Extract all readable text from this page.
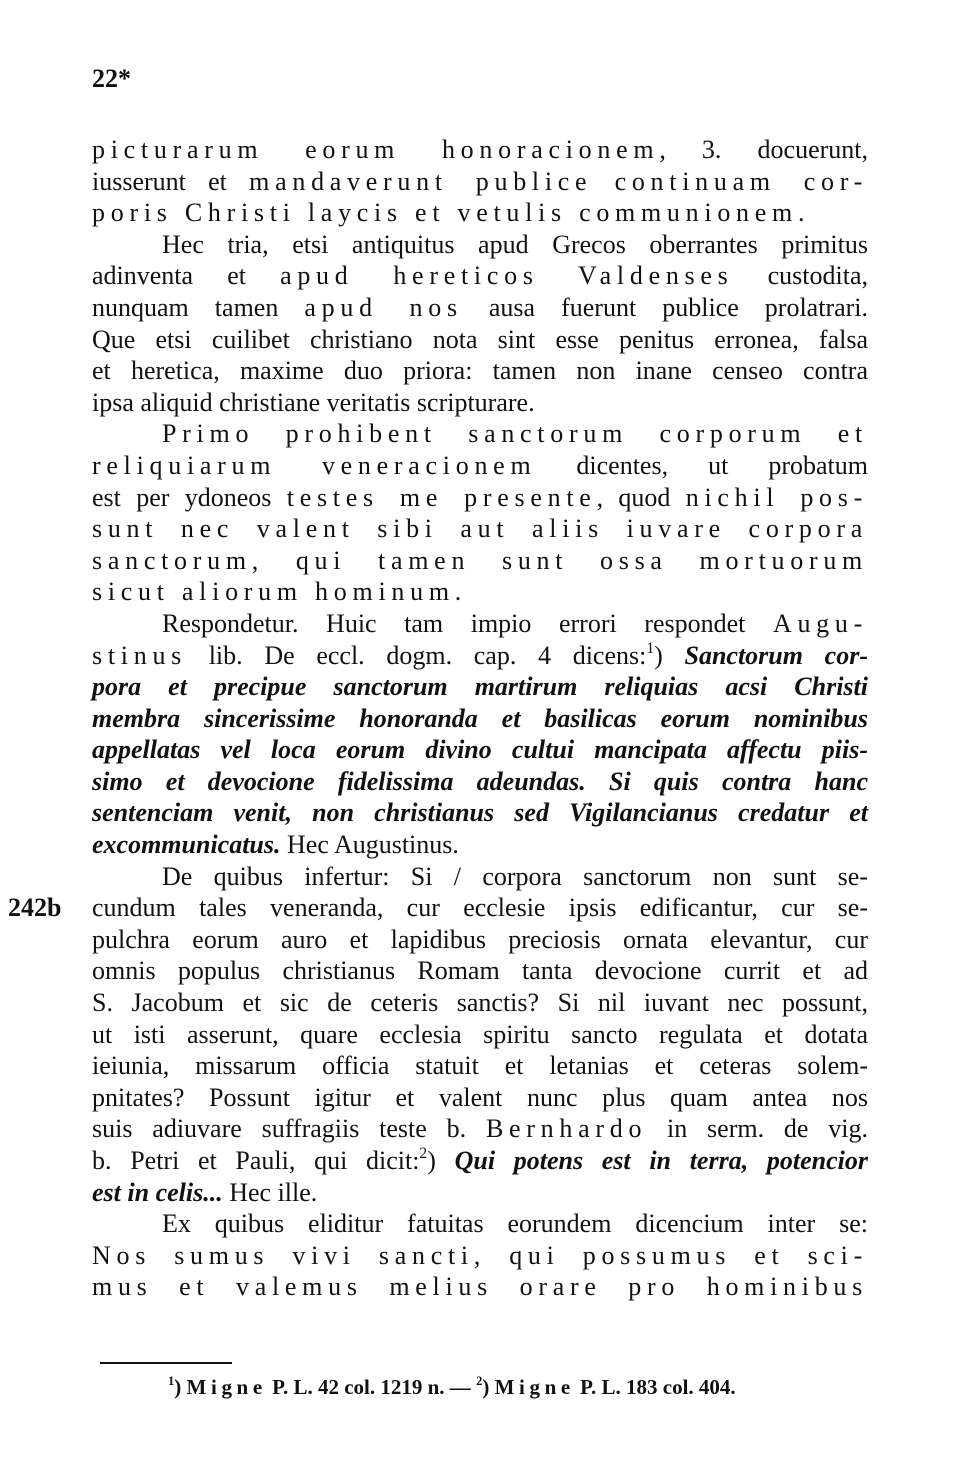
22*
242b
picturarum eorum honoracionem, 3. docuerunt,
iusserunt et mandaverunt publice continuam cor-
poris Christi laycis et vetulis communionem.
Hec tria, etsi antiquitus apud Grecos oberrantes primitus
adinventa et apud hereticos Valdenses custodita,
nunquam tamen apud nos ausa fuerunt publice prolatrari.
Que etsi cuilibet christiano nota sint esse penitus erronea, falsa
et heretica, maxime duo priora: tamen non inane censeo contra
ipsa aliquid christiane veritatis scripturare.
Primo prohibent sanctorum corporum et
reliquiarum veneracionem dicentes, ut probatum
est per ydoneos testes me presente, quod nichil pos-
sunt nec valent sibi aut aliis iuvare corpora
sanctorum, qui tamen sunt ossa mortuorum
sicut aliorum hominum.
Respondetur. Huic tam impio errori respondet Augu-
stinus lib. De eccl. dogm. cap. 4 dicens:$^1$) Sanctorum cor-
pora et precipue sanctorum martirum reliquias acsi Christi
membra sincerissime honoranda et basilicas eorum nominibus
appellatas vel loca eorum divino cultui mancipata affectu piis-
simo et devocione fidelissima adeundas. Si quis contra hanc
sentenciam venit, non christianus sed Vigilancianus credatur et
excommunicatus. Hec Augustinus.
De quibus infertur: Si / corpora sanctorum non sunt se-
cundum tales veneranda, cur ecclesie ipsis edificantur, cur se-
pulchra eorum auro et lapidibus preciosis ornata elevantur, cur
omnis populus christianus Romam tanta devocione currit et ad
S. Jacobum et sic de ceteris sanctis? Si nil iuvant nec possunt,
ut isti asserunt, quare ecclesia spiritu sancto regulata et dotata
ieiunia, missarum officia statuit et letanias et ceteras solem-
pnitates? Possunt igitur et valent nunc plus quam antea nos
suis adiuvare suffragiis teste b. Bernhardo in serm. de vig.
b. Petri et Pauli, qui dicit:$^2$) Qui potens est in terra, potencior
est in celis... Hec ille.
Ex quibus eliditur fatuitas eorundem dicencium inter se:
Nos sumus vivi sancti, qui possumus et sci-
mus et valemus melius orare pro hominibus
$^1$) Migne P. L. 42 col. 1219 n. — $^2$) Migne P. L. 183 col. 404.
